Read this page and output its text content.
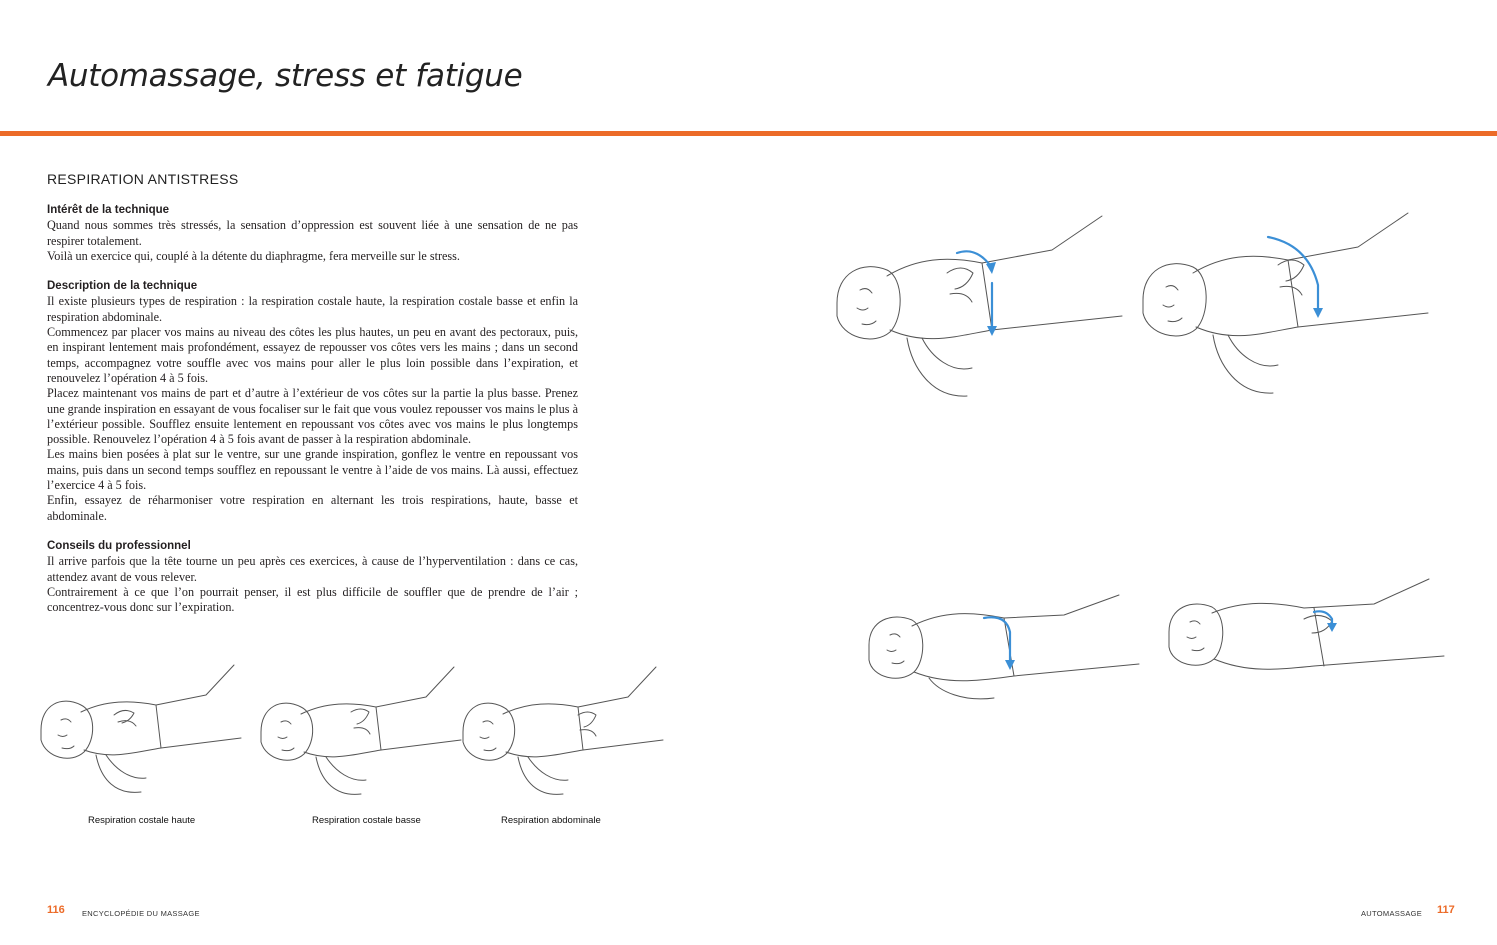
Automassage, stress et fatigue
RESPIRATION ANTISTRESS
Intérêt de la technique

Quand nous sommes très stressés, la sensation d’oppression est souvent liée à une sensation de ne pas respirer totalement.

Voilà un exercice qui, couplé à la détente du diaphragme, fera merveille sur le stress.

Description de la technique

Il existe plusieurs types de respiration : la respiration costale haute, la respiration costale basse et enfin la respiration abdominale.

Commencez par placer vos mains au niveau des côtes les plus hautes, un peu en avant des pectoraux, puis, en inspirant lentement mais profondément, essayez de repousser vos côtes vers les mains ; dans un second temps, accompagnez votre souffle avec vos mains pour aller le plus loin possible dans l’expiration, et renouvelez l’opération 4 à 5 fois.

Placez maintenant vos mains de part et d’autre à l’extérieur de vos côtes sur la partie la plus basse. Prenez une grande inspiration en essayant de vous focaliser sur le fait que vous voulez repousser vos mains le plus à l’extérieur possible. Soufflez ensuite lentement en repoussant vos côtes avec vos mains le plus longtemps possible. Renouvelez l’opération 4 à 5 fois avant de passer à la respiration abdominale.

Les mains bien posées à plat sur le ventre, sur une grande inspiration, gonflez le ventre en repoussant vos mains, puis dans un second temps soufflez en repoussant le ventre à l’aide de vos mains. Là aussi, effectuez l’exercice 4 à 5 fois.

Enfin, essayez de réharmoniser votre respiration en alternant les trois respirations, haute, basse et abdominale.

Conseils du professionnel

Il arrive parfois que la tête tourne un peu après ces exercices, à cause de l’hyperventilation : dans ce cas, attendez avant de vous relever.

Contrairement à ce que l’on pourrait penser, il est plus difficile de souffler que de prendre de l’air ; concentrez-vous donc sur l’expiration.

Respiration costale haute	Respiration costale basse	Respiration abdominale
116 ENCYCLOPÉDIE DU MASSAGE	AUTOMASSAGE 117
